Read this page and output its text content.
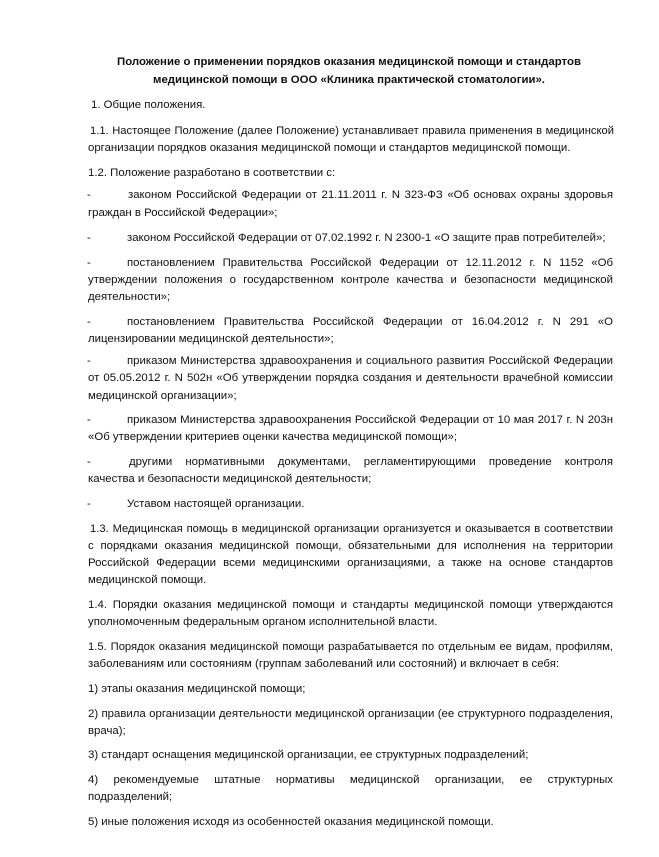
Положение о применении порядков оказания медицинской помощи и стандартов
медицинской помощи в ООО «Клиника практической стоматологии».

1. Общие положения.

1.1. Настоящее Положение (далее Положение) устанавливает правила применения в медицинской

организации порядков оказания медицинской помощи и стандартов медицинской помощи.

1.2. Положение разработано в соответствии с:

-	законом Российской Федерации от 21.11.2011 г. N 323-ФЗ «Об основах охраны здоровья

граждан в Российской Федерации»;

-	законом Российской Федерации от 07.02.1992 г. N 2300-1 «О защите прав потребителей»;

-	постановлением Правительства Российской Федерации от 12.11.2012 г. N 1152 «Об

утверждении положения о государственном контроле качества и безопасности медицинской

деятельности»;

-	постановлением Правительства Российской Федерации от 16.04.2012 г. N 291 «О

лицензировании медицинской деятельности»;

-	приказом Министерства здравоохранения и социального развития Российской Федерации

от 05.05.2012 г. N 502н «Об утверждении порядка создания и деятельности врачебной комиссии

медицинской организации»;

-	приказом Министерства здравоохранения Российской Федерации от 10 мая 2017 г. N 203н

«Об утверждении критериев оценки качества медицинской помощи»;

-	другими нормативными документами, регламентирующими проведение контроля

качества и безопасности медицинской деятельности;

-	Уставом настоящей организации.

1.3. Медицинская помощь в медицинской организации организуется и оказывается в соответствии

с порядками оказания медицинской помощи, обязательными для исполнения на территории

Российской Федерации всеми медицинскими организациями, а также на основе стандартов

медицинской помощи.

1.4. Порядки оказания медицинской помощи и стандарты медицинской помощи утверждаются

уполномоченным федеральным органом исполнительной власти.

1.5. Порядок оказания медицинской помощи разрабатывается по отдельным ее видам, профилям,

заболеваниям или состояниям (группам заболеваний или состояний) и включает в себя:

1) этапы оказания медицинской помощи;

2) правила организации деятельности медицинской организации (ее структурного подразделения,

врача);

3) стандарт оснащения медицинской организации, ее структурных подразделений;

4) рекомендуемые штатные нормативы медицинской организации, ее структурных

подразделений;

5) иные положения исходя из особенностей оказания медицинской помощи.
